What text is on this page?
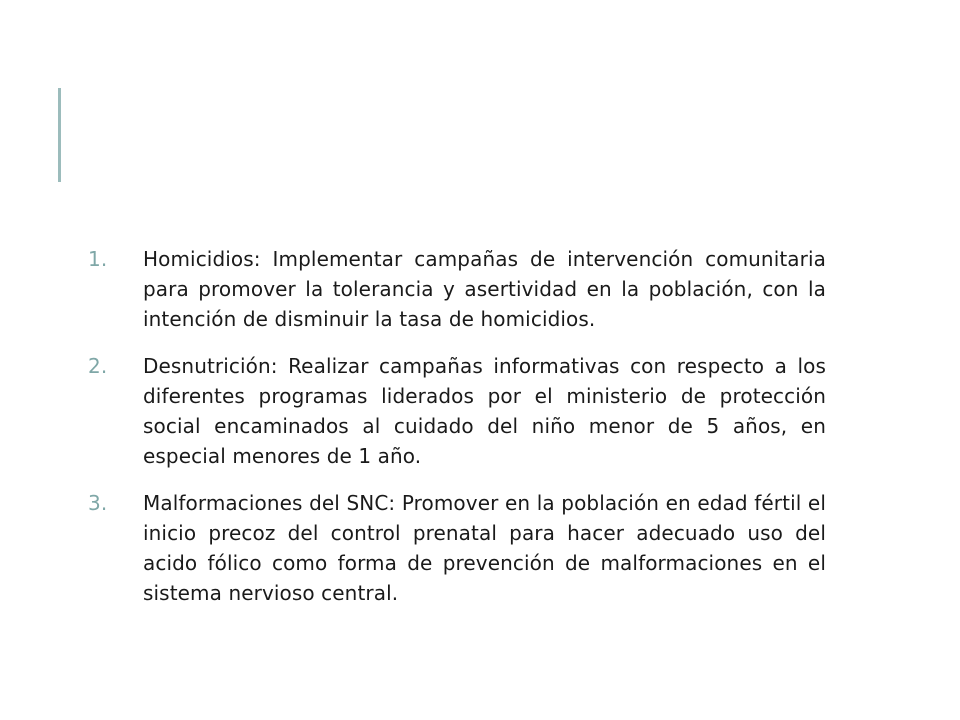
1. Homicidios: Implementar campañas de intervención comunitaria para promover la tolerancia y asertividad en la población, con la intención de disminuir la tasa de homicidios.
2. Desnutrición: Realizar campañas informativas con respecto a los diferentes programas liderados por el ministerio de protección social encaminados al cuidado del niño menor de 5 años, en especial menores de 1 año.
3. Malformaciones del SNC: Promover en la población en edad fértil el inicio precoz del control prenatal para hacer adecuado uso del acido fólico como forma de prevención de malformaciones en el sistema nervioso central.
